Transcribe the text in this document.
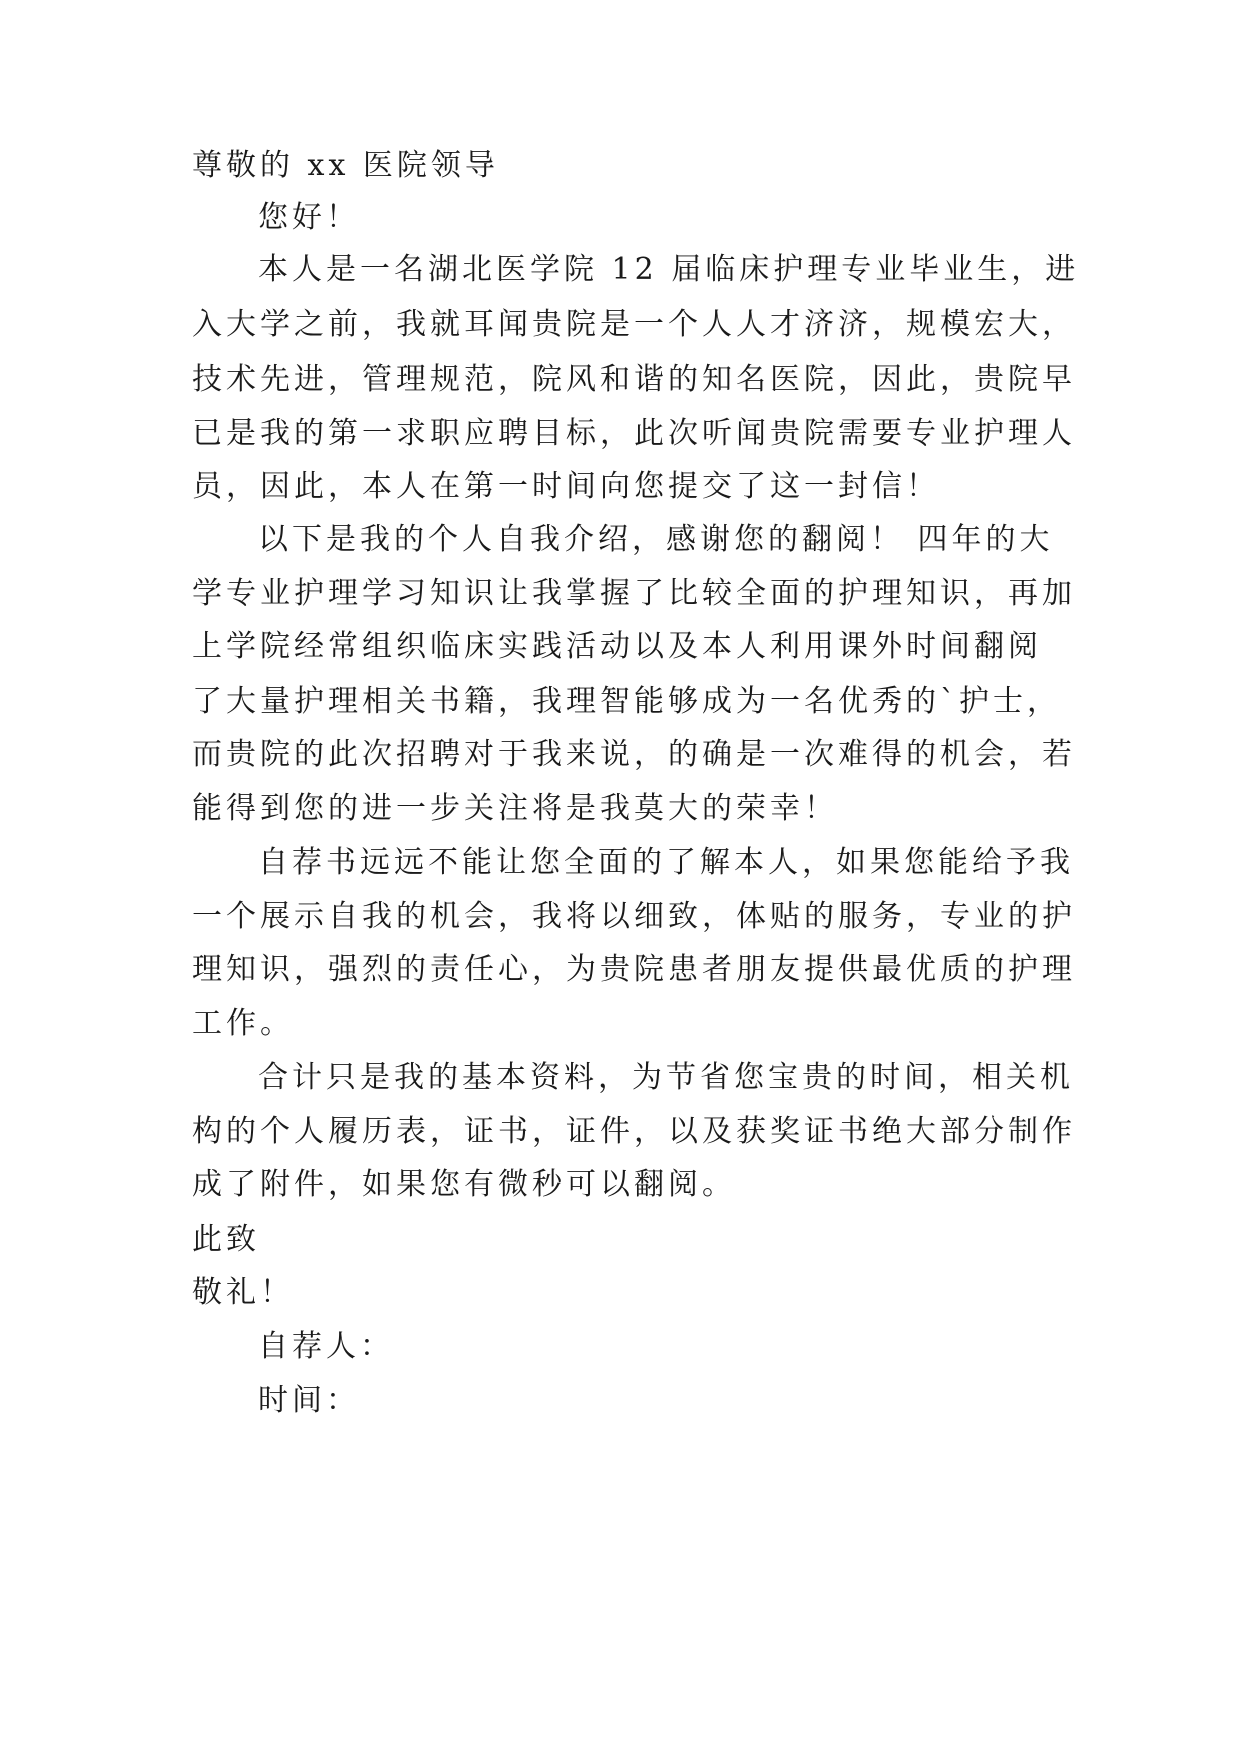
尊敬的 xx 医院领导
您好！
本人是一名湖北医学院 12 届临床护理专业毕业生，进
入大学之前，我就耳闻贵院是一个人人才济济，规模宏大，
技术先进，管理规范，院风和谐的知名医院，因此，贵院早
已是我的第一求职应聘目标，此次听闻贵院需要专业护理人
员，因此，本人在第一时间向您提交了这一封信！
以下是我的个人自我介绍，感谢您的翻阅！ 四年的大
学专业护理学习知识让我掌握了比较全面的护理知识，再加
上学院经常组织临床实践活动以及本人利用课外时间翻阅
了大量护理相关书籍，我理智能够成为一名优秀的`护士，
而贵院的此次招聘对于我来说，的确是一次难得的机会，若
能得到您的进一步关注将是我莫大的荣幸！
自荐书远远不能让您全面的了解本人，如果您能给予我
一个展示自我的机会，我将以细致，体贴的服务，专业的护
理知识，强烈的责任心，为贵院患者朋友提供最优质的护理
工作。
合计只是我的基本资料，为节省您宝贵的时间，相关机
构的个人履历表，证书，证件，以及获奖证书绝大部分制作
成了附件，如果您有微秒可以翻阅。
此致
敬礼！
自荐人：
时间：
